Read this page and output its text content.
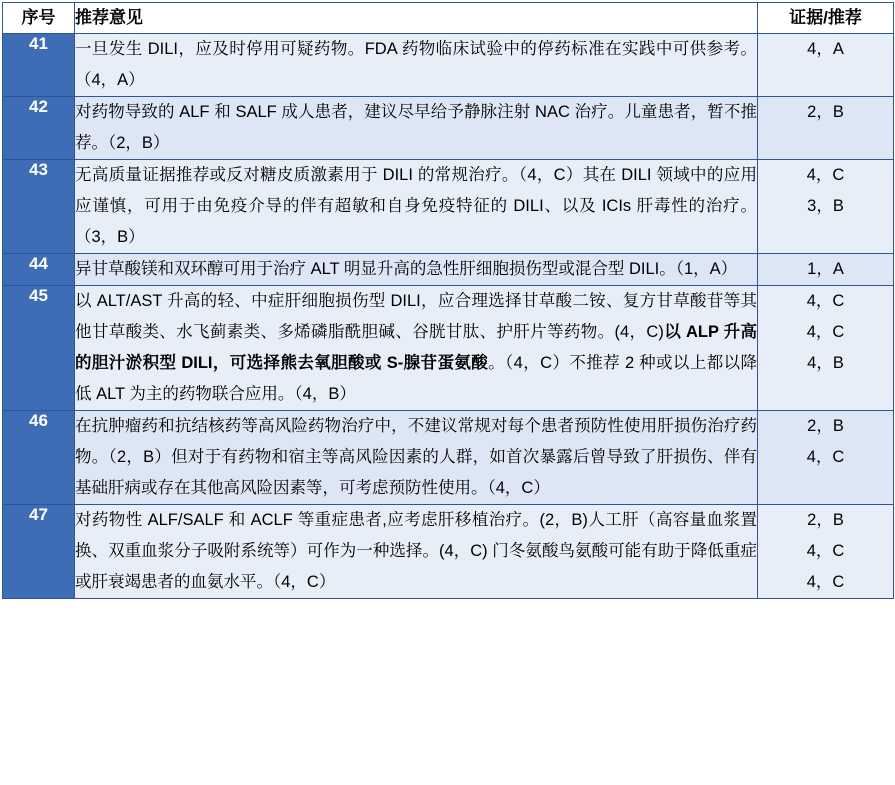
序号	推荐意见	证据/推荐
41	一旦发生 DILI，应及时停用可疑药物。FDA 药物临床试验中的停药标准在实践中可供参考。（4，A）	4，A

42	对药物导致的 ALF 和 SALF 成人患者，建议尽早给予静脉注射 NAC 治疗。儿童患者，暂不推荐。（2，B）	2，B

43	无高质量证据推荐或反对糖皮质激素用于 DILI 的常规治疗。（4，C）其在 DILI 领域中的应用应谨慎，可用于由免疫介导的伴有超敏和自身免疫特征的 DILI、以及 ICIs 肝毒性的治疗。（3，B）	4，C
3，B

44	异甘草酸镁和双环醇可用于治疗 ALT 明显升高的急性肝细胞损伤型或混合型 DILI。（1，A）	1，A

45	以 ALT/AST 升高的轻、中症肝细胞损伤型 DILI，应合理选择甘草酸二铵、复方甘草酸苷等其他甘草酸类、水飞蓟素类、多烯磷脂酰胆碱、谷胱甘肽、护肝片等药物。(4，C)以 ALP 升高的胆汁淤积型 DILI，可选择熊去氧胆酸或 S-腺苷蛋氨酸。（4，C）不推荐 2 种或以上都以降低 ALT 为主的药物联合应用。（4，B）	4，C
4，C
4，B

46	在抗肿瘤药和抗结核药等高风险药物治疗中，不建议常规对每个患者预防性使用肝损伤治疗药物。（2，B）但对于有药物和宿主等高风险因素的人群，如首次暴露后曾导致了肝损伤、伴有基础肝病或存在其他高风险因素等，可考虑预防性使用。（4，C）	2，B
4，C

47	对药物性 ALF/SALF 和 ACLF 等重症患者,应考虑肝移植治疗。(2，B)人工肝（高容量血浆置换、双重血浆分子吸附系统等）可作为一种选择。(4，C) 门冬氨酸鸟氨酸可能有助于降低重症或肝衰竭患者的血氨水平。（4，C）	2，B
4，C
4，C
